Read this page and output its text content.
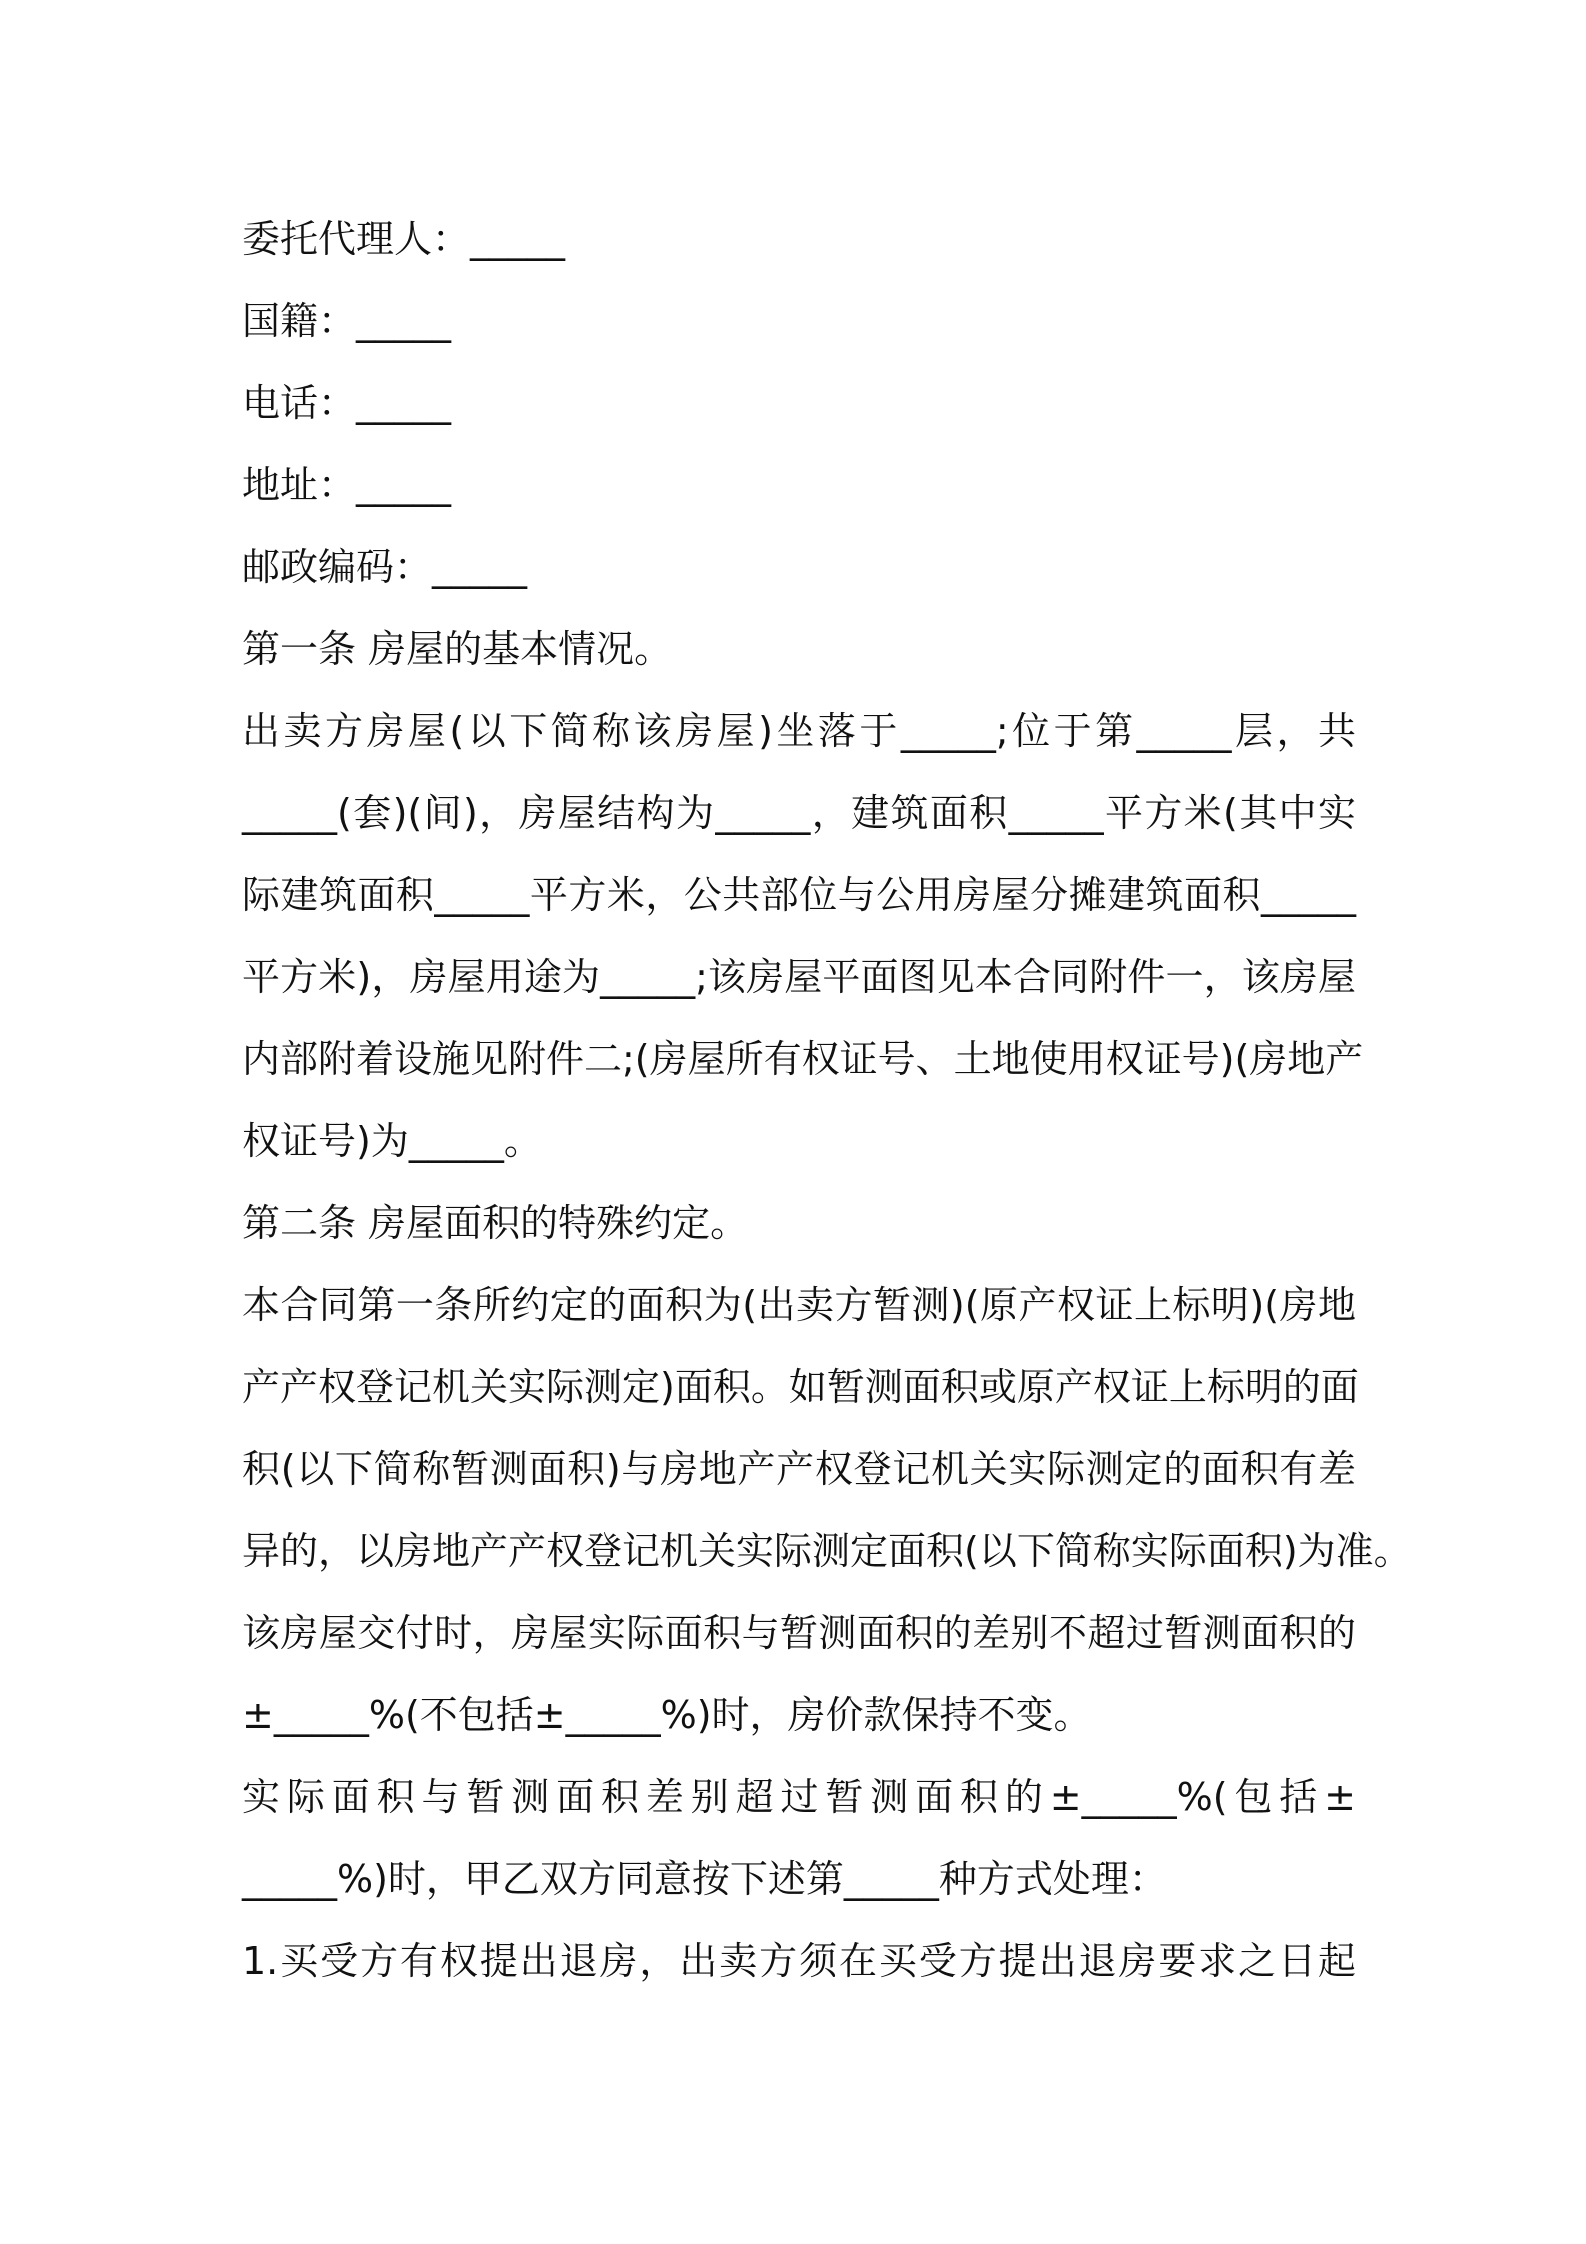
委托代理人：_____
国籍：_____
电话：_____
地址：_____
邮政编码：_____
第一条 房屋的基本情况。
出卖方房屋(以下简称该房屋)坐落于_____;位于第_____层，共
_____(套)(间)，房屋结构为_____，建筑面积_____平方米(其中实
际建筑面积_____平方米，公共部位与公用房屋分摊建筑面积_____
平方米)，房屋用途为_____;该房屋平面图见本合同附件一，该房屋
内部附着设施见附件二;(房屋所有权证号、土地使用权证号)(房地产
权证号)为_____。
第二条 房屋面积的特殊约定。
本合同第一条所约定的面积为(出卖方暂测)(原产权证上标明)(房地
产产权登记机关实际测定)面积。如暂测面积或原产权证上标明的面
积(以下简称暂测面积)与房地产产权登记机关实际测定的面积有差
异的，以房地产产权登记机关实际测定面积(以下简称实际面积)为准。
该房屋交付时，房屋实际面积与暂测面积的差别不超过暂测面积的
±_____%(不包括±_____%)时，房价款保持不变。
实际面积与暂测面积差别超过暂测面积的±_____%(包括±
_____%)时，甲乙双方同意按下述第_____种方式处理：
1.买受方有权提出退房，出卖方须在买受方提出退房要求之日起
